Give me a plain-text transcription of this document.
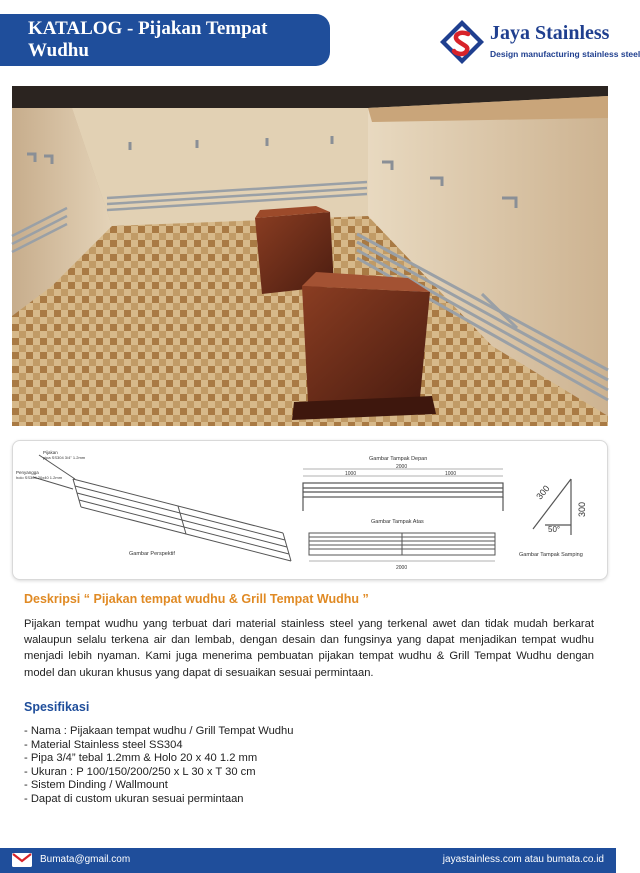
KATALOG - Pijakan Tempat Wudhu
Jaya Stainless
Design manufacturing stainless steel
Pijakan
pipa SS304 3/4" 1.2mm
Penyangga
holo SS304 20x40 1.2mm
Gambar Perspektif
Gambar Tampak Depan
2000
1000	1000
Gambar Tampak Atas
2000
300
300
50°
Gambar Tampak Samping
Deskripsi “ Pijakan tempat wudhu & Grill Tempat Wudhu ”

Pijakan tempat wudhu yang terbuat dari material stainless steel yang terkenal awet dan tidak mudah berkarat walaupun selalu terkena air dan lembab, dengan desain dan fungsinya yang dapat menjadikan tempat wudhu menjadi lebih nyaman. Kami juga menerima pembuatan pijakan tempat wudhu & Grill Tempat Wudhu dengan model dan ukuran khusus yang dapat di sesuaikan sesuai permintaan.

Spesifikasi
- Nama : Pijakaan tempat wudhu / Grill Tempat Wudhu
- Material Stainless steel SS304
- Pipa 3/4” tebal 1.2mm & Holo 20 x 40 1.2 mm
- Ukuran : P 100/150/200/250 x L 30 x T 30 cm
- Sistem Dinding / Wallmount
- Dapat di custom ukuran sesuai permintaan
Bumata@gmail.com	jayastainless.com atau bumata.co.id
